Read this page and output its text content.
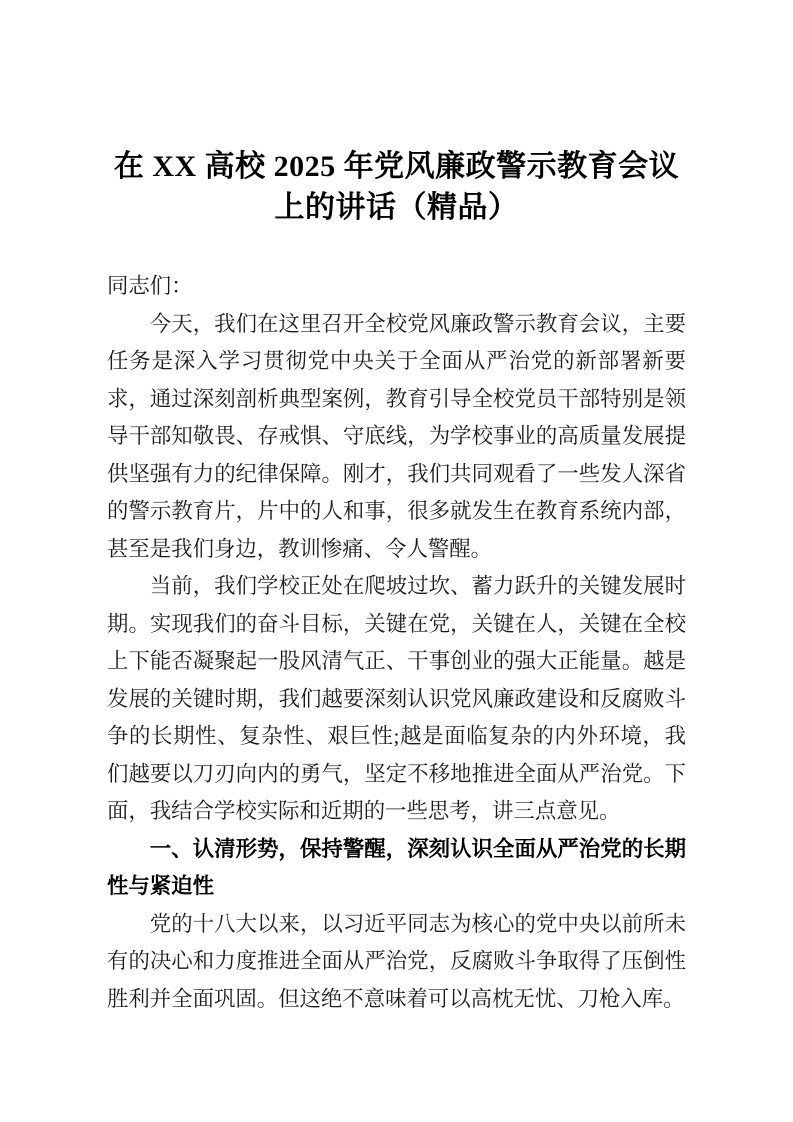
在 XX 高校 2025 年党风廉政警示教育会议
上的讲话（精品）

同志们：

今天，我们在这里召开全校党风廉政警示教育会议，主要任务是深入学习贯彻党中央关于全面从严治党的新部署新要求，通过深刻剖析典型案例，教育引导全校党员干部特别是领导干部知敬畏、存戒惧、守底线，为学校事业的高质量发展提供坚强有力的纪律保障。刚才，我们共同观看了一些发人深省的警示教育片，片中的人和事，很多就发生在教育系统内部，甚至是我们身边，教训惨痛、令人警醒。

当前，我们学校正处在爬坡过坎、蓄力跃升的关键发展时期。实现我们的奋斗目标，关键在党，关键在人，关键在全校上下能否凝聚起一股风清气正、干事创业的强大正能量。越是发展的关键时期，我们越要深刻认识党风廉政建设和反腐败斗争的长期性、复杂性、艰巨性;越是面临复杂的内外环境，我们越要以刀刃向内的勇气，坚定不移地推进全面从严治党。下面，我结合学校实际和近期的一些思考，讲三点意见。

一、认清形势，保持警醒，深刻认识全面从严治党的长期性与紧迫性

党的十八大以来，以习近平同志为核心的党中央以前所未有的决心和力度推进全面从严治党，反腐败斗争取得了压倒性胜利并全面巩固。但这绝不意味着可以高枕无忧、刀枪入库。
